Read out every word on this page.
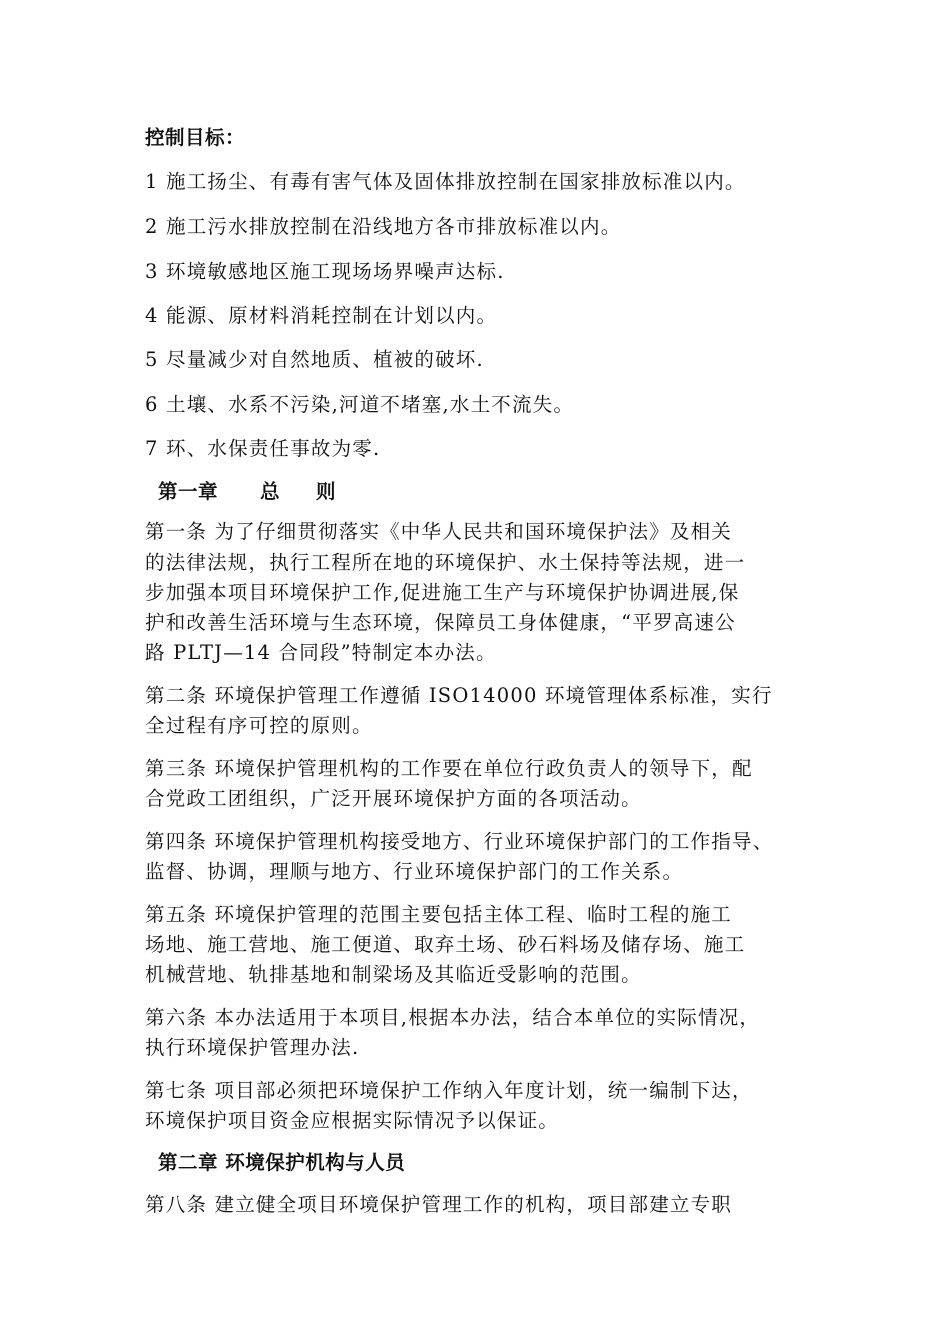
控制目标：
1 施工扬尘、有毒有害气体及固体排放控制在国家排放标准以内。
2 施工污水排放控制在沿线地方各市排放标准以内。
3 环境敏感地区施工现场场界噪声达标.
4 能源、原材料消耗控制在计划以内。
5 尽量减少对自然地质、植被的破坏.
6 土壤、水系不污染,河道不堵塞,水土不流失。
7 环、水保责任事故为零.
第一章 总 则
第一条 为了仔细贯彻落实《中华人民共和国环境保护法》及相关
的法律法规，执行工程所在地的环境保护、水土保持等法规，进一
步加强本项目环境保护工作,促进施工生产与环境保护协调进展,保
护和改善生活环境与生态环境，保障员工身体健康，“平罗高速公
路 PLTJ—14 合同段”特制定本办法。
第二条 环境保护管理工作遵循 ISO14000 环境管理体系标准，实行
全过程有序可控的原则。
第三条 环境保护管理机构的工作要在单位行政负责人的领导下，配
合党政工团组织，广泛开展环境保护方面的各项活动。
第四条 环境保护管理机构接受地方、行业环境保护部门的工作指导、
监督、协调，理顺与地方、行业环境保护部门的工作关系。
第五条 环境保护管理的范围主要包括主体工程、临时工程的施工
场地、施工营地、施工便道、取弃土场、砂石料场及储存场、施工
机械营地、轨排基地和制梁场及其临近受影响的范围。
第六条 本办法适用于本项目,根据本办法，结合本单位的实际情况，
执行环境保护管理办法.
第七条 项目部必须把环境保护工作纳入年度计划，统一编制下达，
环境保护项目资金应根据实际情况予以保证。
第二章 环境保护机构与人员
第八条 建立健全项目环境保护管理工作的机构，项目部建立专职
